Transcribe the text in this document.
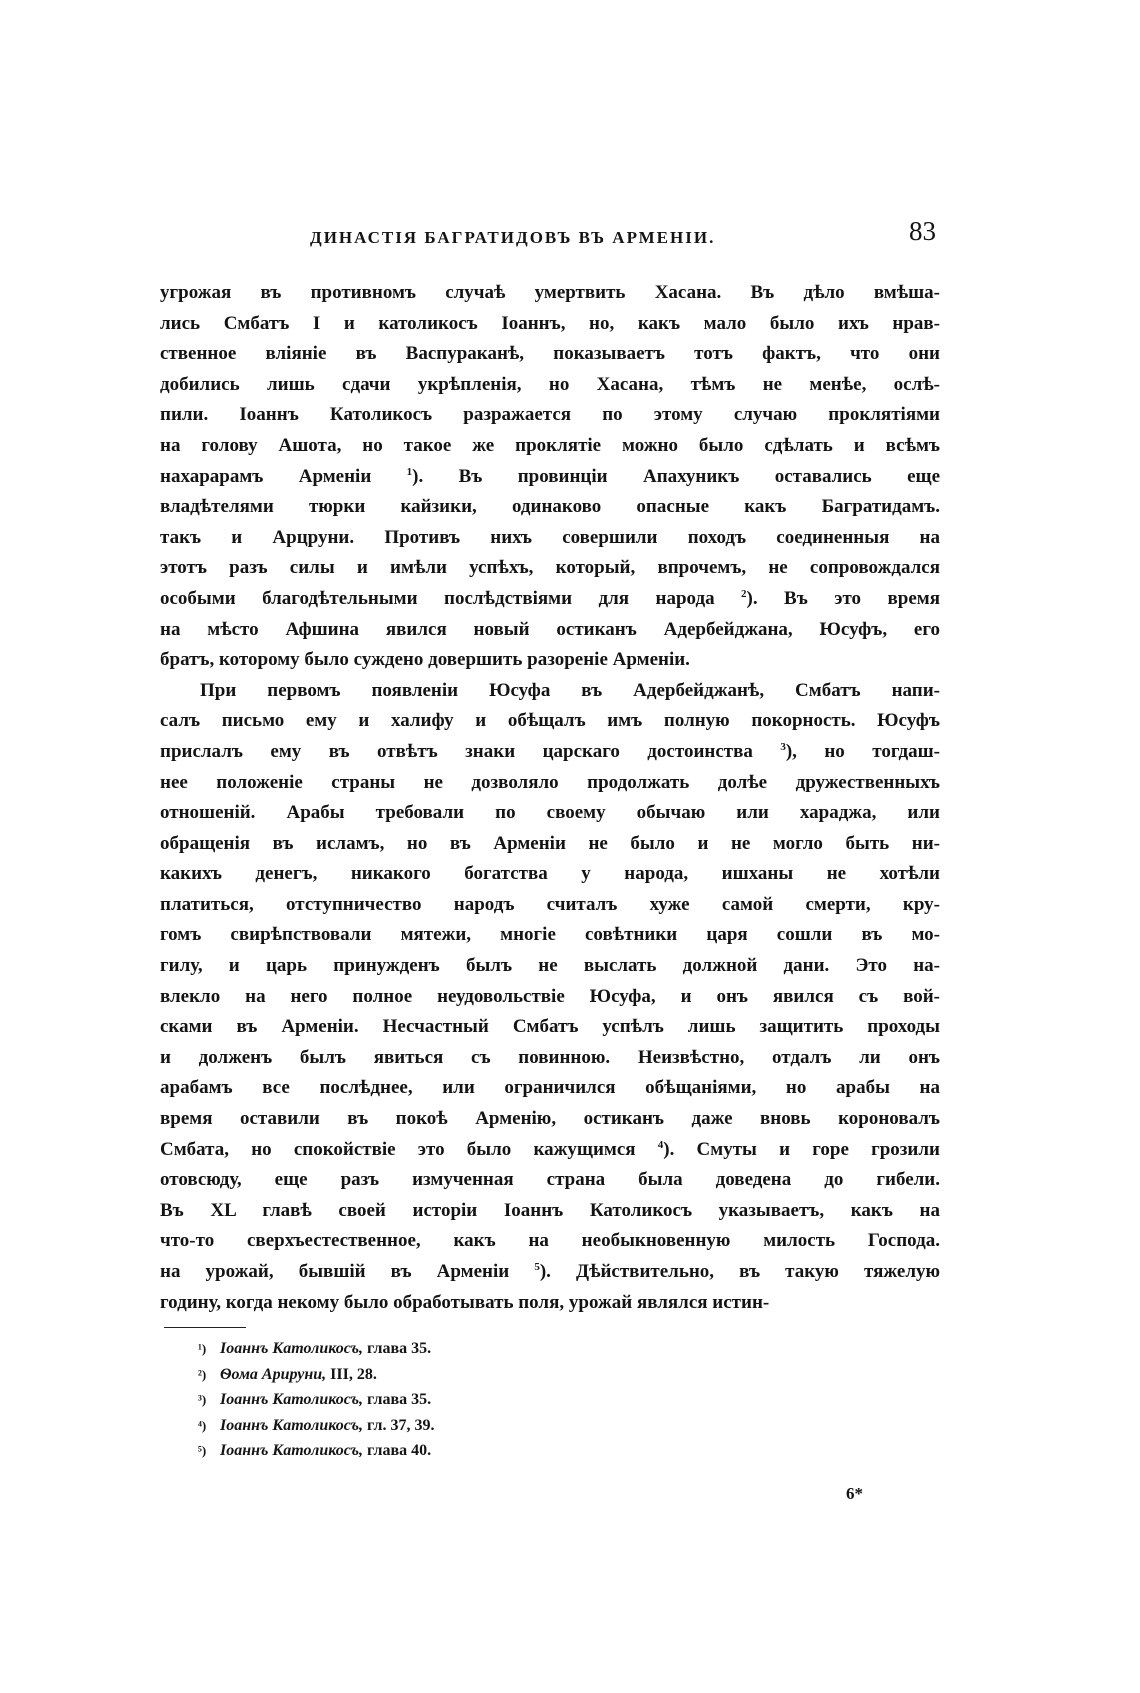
ДИНАСТІЯ БАГРАТИДОВЪ ВЪ АРМЕНІИ.	83
угрожая въ противномъ случаѣ умертвить Хасана. Въ дѣло вмѣша-
лись Смбатъ I и католикосъ Іоаннъ, но, какъ мало было ихъ нрав-
ственное вліяніе въ Васпураканѣ, показываетъ тотъ фактъ, что они
добились лишь сдачи укрѣпленія, но Хасана, тѣмъ не менѣе, ослѣ-
пили. Іоаннъ Католикосъ разражается по этому случаю проклятіями
на голову Ашота, но такое же проклятіе можно было сдѣлать и всѣмъ
нахарарамъ Арменіи $^1$). Въ провинціи Апахуникъ оставались еще
владѣтелями тюрки кайзики, одинаково опасные какъ Багратидамъ.
такъ и Арцруни. Противъ нихъ совершили походъ соединенныя на
этотъ разъ силы и имѣли успѣхъ, который, впрочемъ, не сопровождался
особыми благодѣтельными послѣдствіями для народа $^2$). Въ это время
на мѣсто Афшина явился новый остиканъ Адербейджана, Юсуфъ, его
братъ, которому было суждено довершить разореніе Арменіи.
При первомъ появленіи Юсуфа въ Адербейджанѣ, Смбатъ напи-
салъ письмо ему и халифу и обѣщалъ имъ полную покорность. Юсуфъ
прислалъ ему въ отвѣтъ знаки царскаго достоинства $^3$), но тогдаш-
нее положеніе страны не дозволяло продолжать долѣе дружественныхъ
отношеній. Арабы требовали по своему обычаю или хараджа, или
обращенія въ исламъ, но въ Арменіи не было и не могло быть ни-
какихъ денегъ, никакого богатства у народа, ишханы не хотѣли
платиться, отступничество народъ считалъ хуже самой смерти, кру-
гомъ свирѣпствовали мятежи, многіе совѣтники царя сошли въ мо-
гилу, и царь принужденъ былъ не выслать должной дани. Это на-
влекло на него полное неудовольствіе Юсуфа, и онъ явился съ вой-
сками въ Арменіи. Несчастный Смбатъ успѣлъ лишь защитить проходы
и долженъ былъ явиться съ повинною. Неизвѣстно, отдалъ ли онъ
арабамъ все послѣднее, или ограничился обѣщаніями, но арабы на
время оставили въ покоѣ Арменію, остиканъ даже вновь короновалъ
Смбата, но спокойствіе это было кажущимся $^4$). Смуты и горе грозили
отовсюду, еще разъ измученная страна была доведена до гибели.
Въ XL главѣ своей исторіи Іоаннъ Католикосъ указываетъ, какъ на
что-то сверхъестественное, какъ на необыкновенную милость Господа.
на урожай, бывшій въ Арменіи $^5$). Дѣйствительно, въ такую тяжелую
годину, когда некому было обработывать поля, урожай являлся истин-
¹) Іоаннъ Католикосъ, глава 35.
²) Ѳома Арируни, III, 28.
³) Іоаннъ Католикосъ, глава 35.
⁴) Іоаннъ Католикосъ, гл. 37, 39.
⁵) Іоаннъ Католикосъ, глава 40.
6*
